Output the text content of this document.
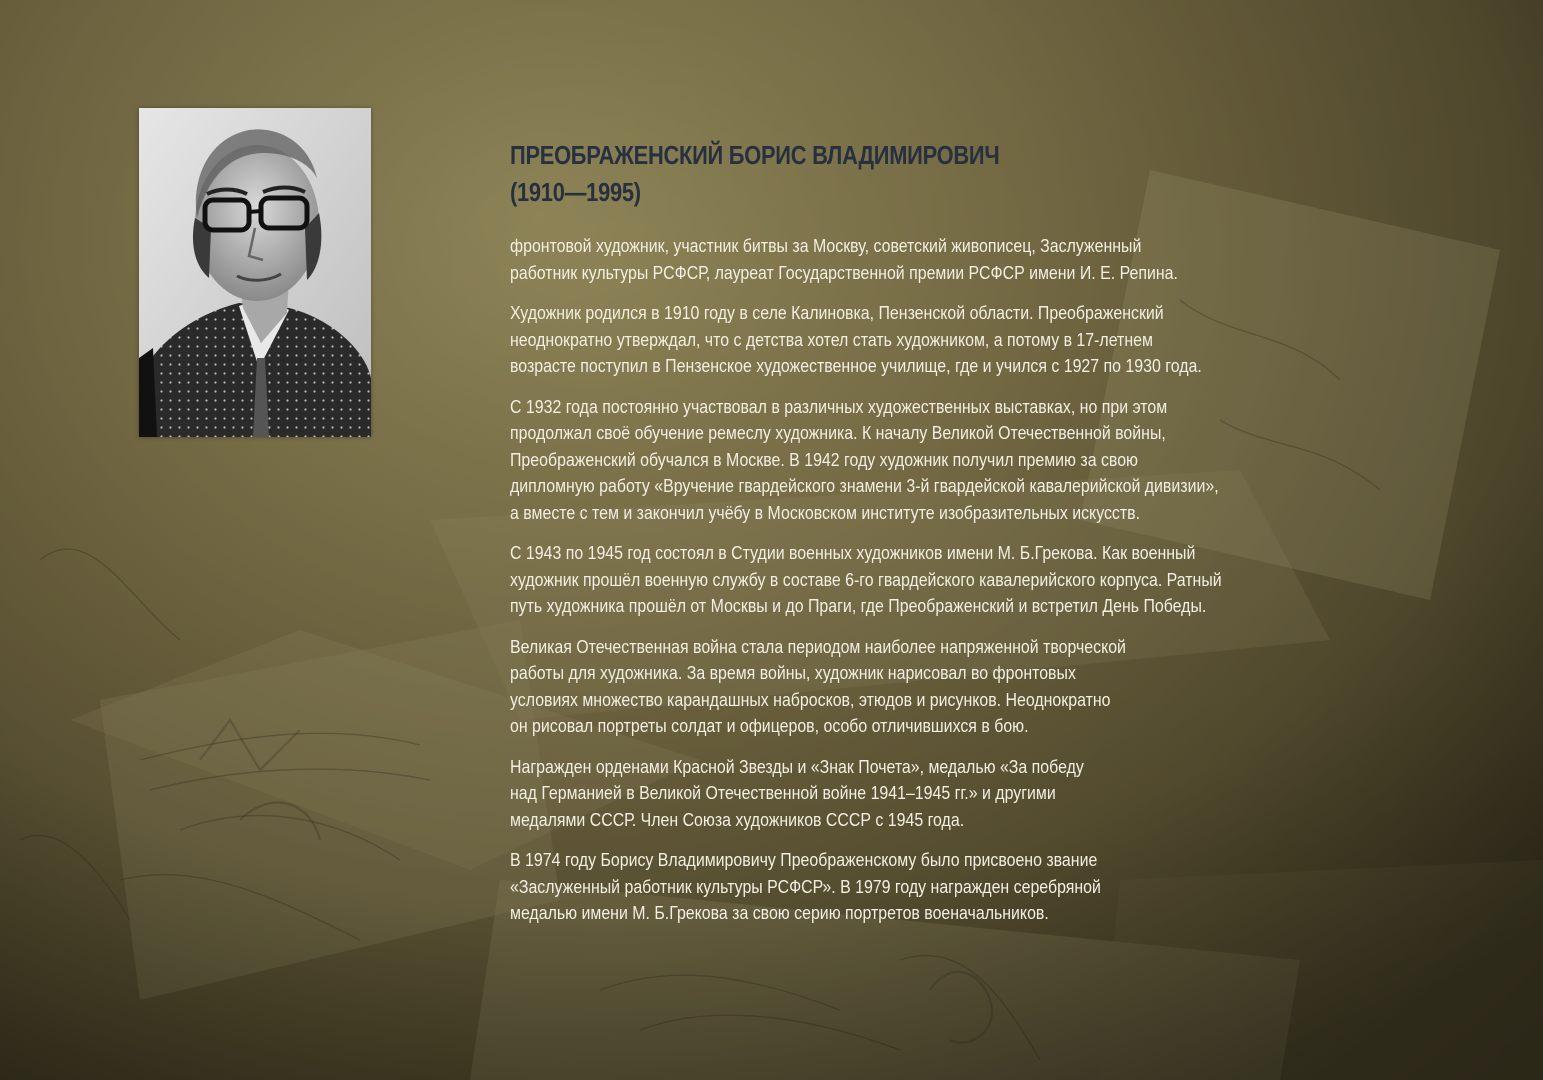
ПРЕОБРАЖЕНСКИЙ БОРИС ВЛАДИМИРОВИЧ
(1910—1995)

фронтовой художник, участник битвы за Москву, советский живописец, Заслуженный
работник культуры РСФСР, лауреат Государственной премии РСФСР имени И. Е. Репина.

Художник родился в 1910 году в селе Калиновка, Пензенской области. Преображенский
неоднократно утверждал, что с детства хотел стать художником, а потому в 17-летнем
возрасте поступил в Пензенское художественное училище, где и учился с 1927 по 1930 года.

С 1932 года постоянно участвовал в различных художественных выставках, но при этом
продолжал своё обучение ремеслу художника. К началу Великой Отечественной войны,
Преображенский обучался в Москве. В 1942 году художник получил премию за свою
дипломную работу «Вручение гвардейского знамени 3-й гвардейской кавалерийской дивизии»,
а вместе с тем и закончил учёбу в Московском институте изобразительных искусств.

С 1943 по 1945 год состоял в Студии военных художников имени М. Б.Грекова. Как военный
художник прошёл военную службу в составе 6-го гвардейского кавалерийского корпуса. Ратный
путь художника прошёл от Москвы и до Праги, где Преображенский и встретил День Победы.

Великая Отечественная война стала периодом наиболее напряженной творческой
работы для художника. За время войны, художник нарисовал во фронтовых
условиях множество карандашных набросков, этюдов и рисунков. Неоднократно
он рисовал портреты солдат и офицеров, особо отличившихся в бою.

Награжден орденами Красной Звезды и «Знак Почета», медалью «За победу
над Германией в Великой Отечественной войне 1941–1945 гг.» и другими
медалями СССР. Член Союза художников СССР с 1945 года.

В 1974 году Борису Владимировичу Преображенскому было присвоено звание
«Заслуженный работник культуры РСФСР». В 1979 году награжден серебряной
медалью имени М. Б.Грекова за свою серию портретов военачальников.
